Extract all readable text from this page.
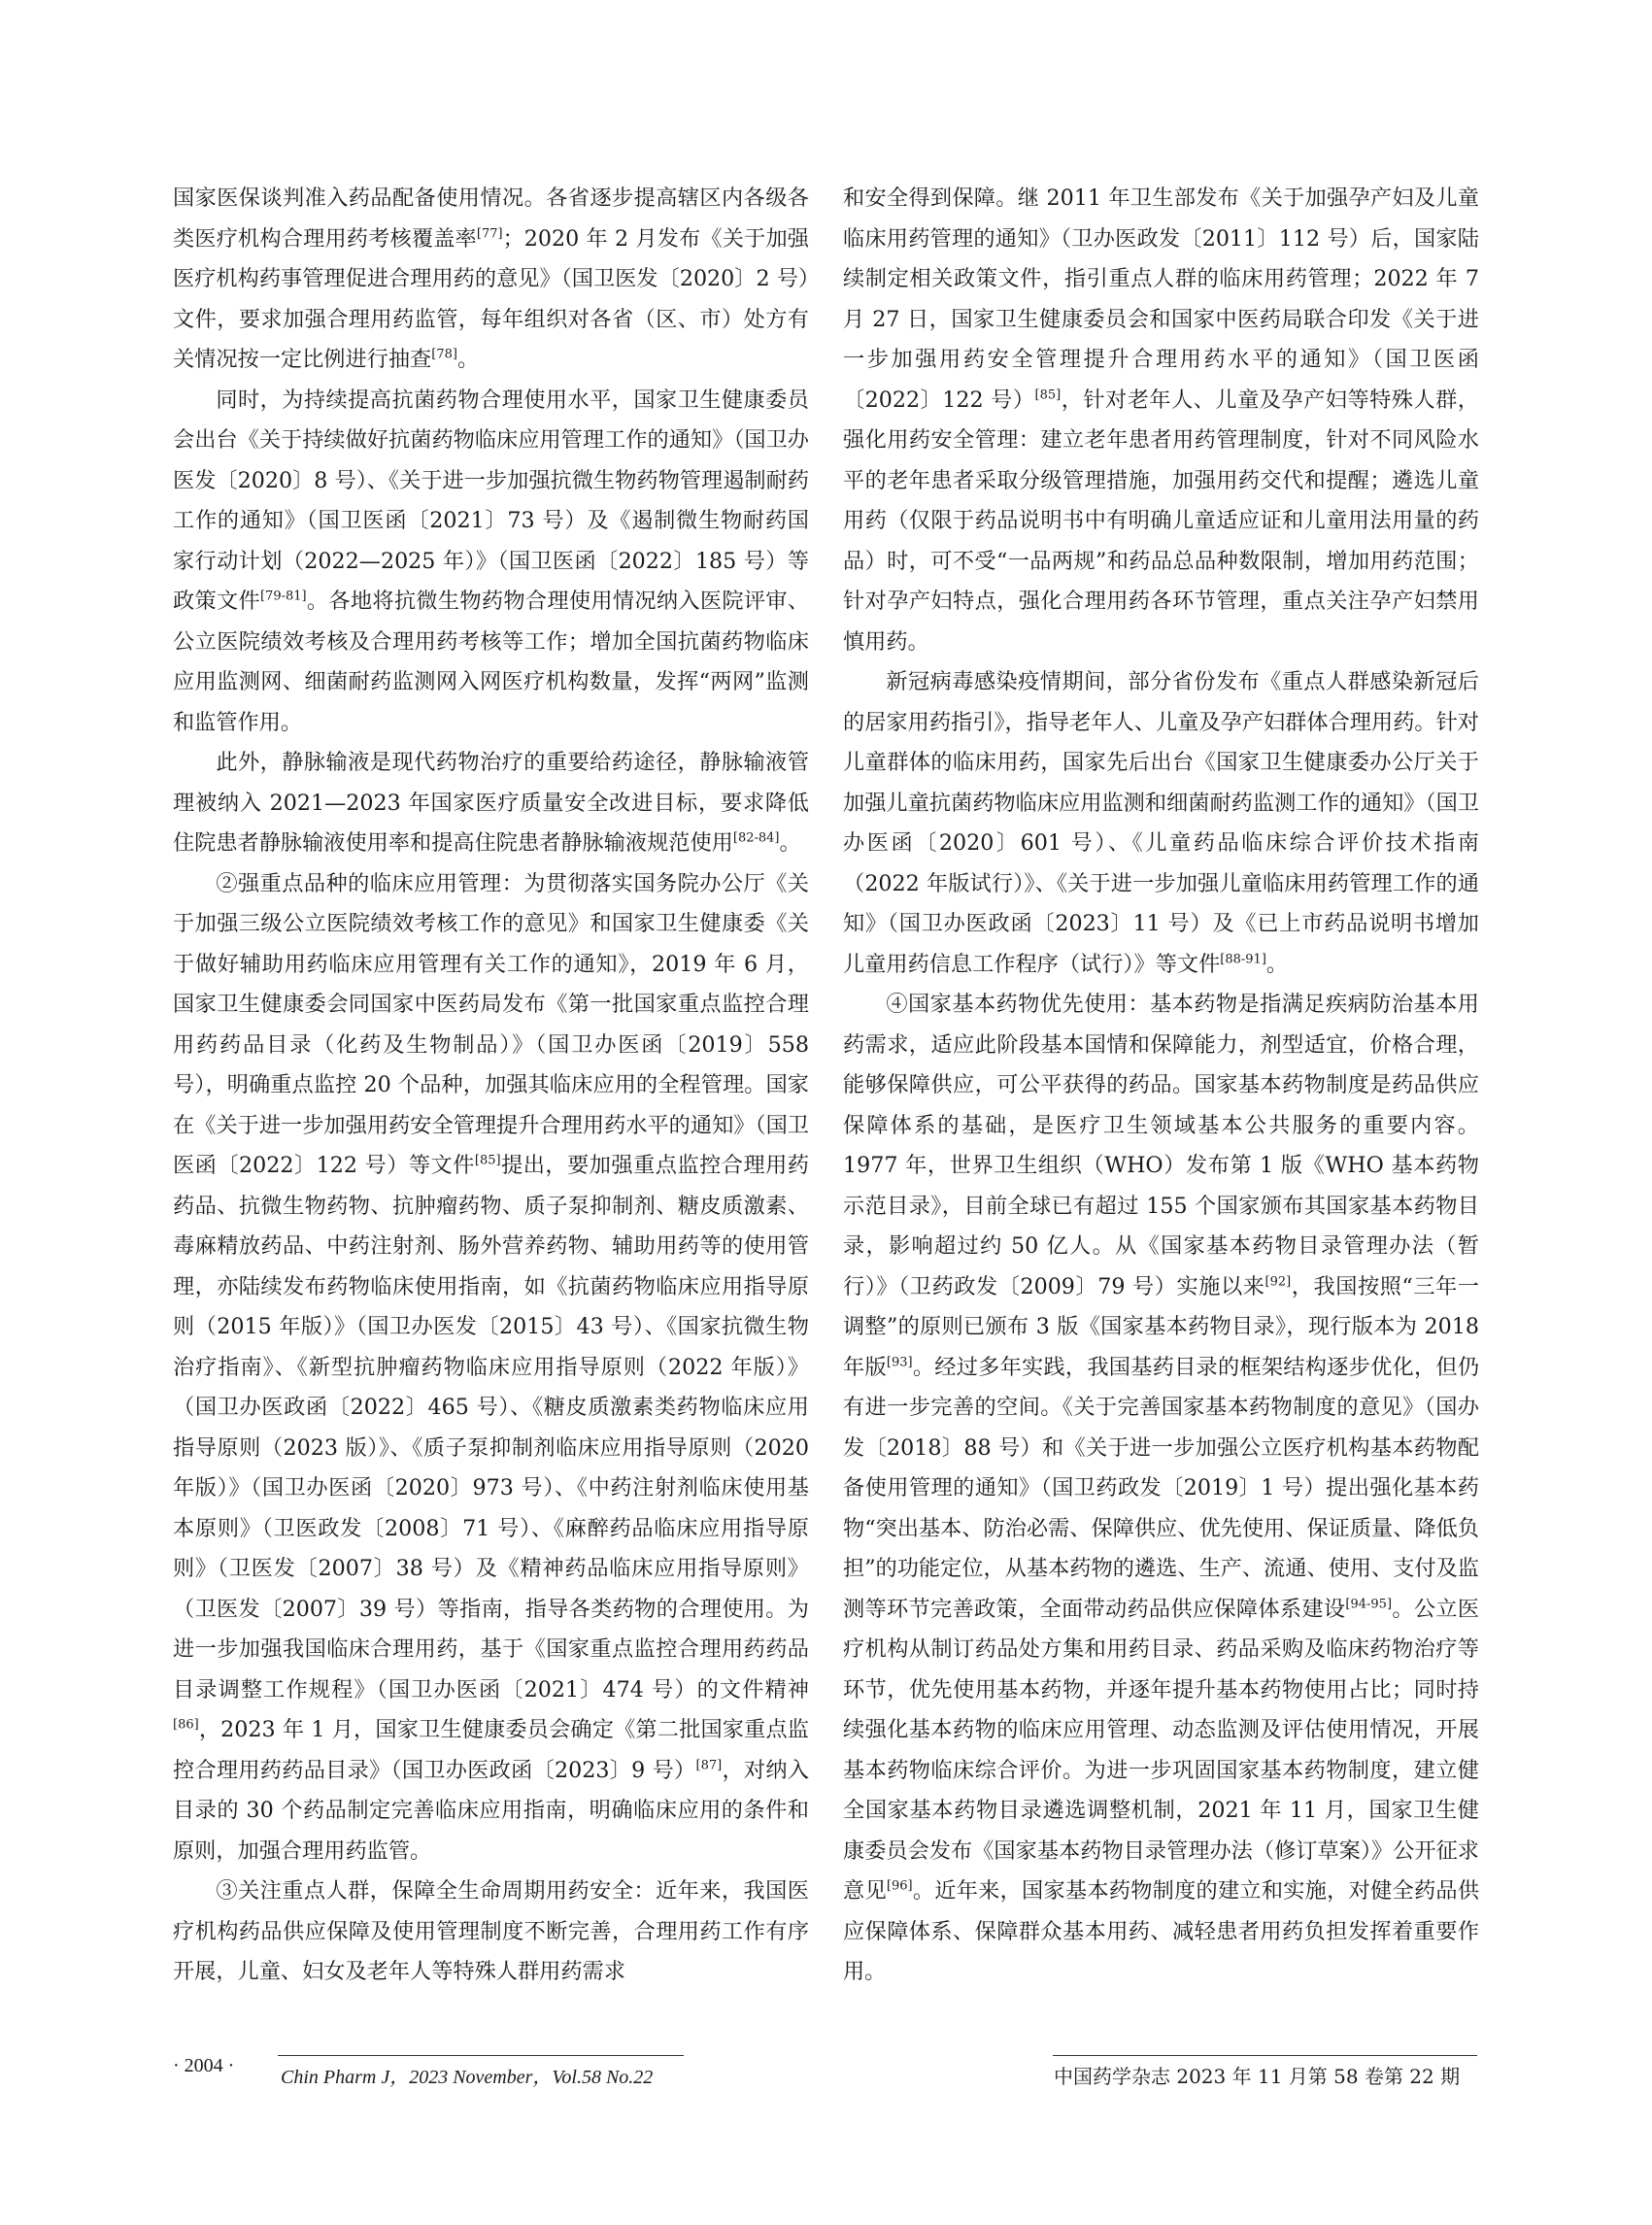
国家医保谈判准入药品配备使用情况。各省逐步提高辖区内各级各类医疗机构合理用药考核覆盖率[77]；2020 年 2 月发布《关于加强医疗机构药事管理促进合理用药的意见》（国卫医发〔2020〕2 号）文件，要求加强合理用药监管，每年组织对各省（区、市）处方有关情况按一定比例进行抽查[78]。

同时，为持续提高抗菌药物合理使用水平，国家卫生健康委员会出台《关于持续做好抗菌药物临床应用管理工作的通知》（国卫办医发〔2020〕8 号）、《关于进一步加强抗微生物药物管理遏制耐药工作的通知》（国卫医函〔2021〕73 号）及《遏制微生物耐药国家行动计划（2022—2025 年）》（国卫医函〔2022〕185 号）等政策文件[79-81]。各地将抗微生物药物合理使用情况纳入医院评审、公立医院绩效考核及合理用药考核等工作；增加全国抗菌药物临床应用监测网、细菌耐药监测网入网医疗机构数量，发挥“两网”监测和监管作用。

此外，静脉输液是现代药物治疗的重要给药途径，静脉输液管理被纳入 2021—2023 年国家医疗质量安全改进目标，要求降低住院患者静脉输液使用率和提高住院患者静脉输液规范使用[82-84]。

②强重点品种的临床应用管理：为贯彻落实国务院办公厅《关于加强三级公立医院绩效考核工作的意见》和国家卫生健康委《关于做好辅助用药临床应用管理有关工作的通知》，2019 年 6 月，国家卫生健康委会同国家中医药局发布《第一批国家重点监控合理用药药品目录（化药及生物制品）》（国卫办医函〔2019〕558 号），明确重点监控 20 个品种，加强其临床应用的全程管理。国家在《关于进一步加强用药安全管理提升合理用药水平的通知》（国卫医函〔2022〕122 号）等文件[85]提出，要加强重点监控合理用药药品、抗微生物药物、抗肿瘤药物、质子泵抑制剂、糖皮质激素、毒麻精放药品、中药注射剂、肠外营养药物、辅助用药等的使用管理，亦陆续发布药物临床使用指南，如《抗菌药物临床应用指导原则（2015 年版）》（国卫办医发〔2015〕43 号）、《国家抗微生物治疗指南》、《新型抗肿瘤药物临床应用指导原则（2022 年版）》（国卫办医政函〔2022〕465 号）、《糖皮质激素类药物临床应用指导原则（2023 版）》、《质子泵抑制剂临床应用指导原则（2020 年版）》（国卫办医函〔2020〕973 号）、《中药注射剂临床使用基本原则》（卫医政发〔2008〕71 号）、《麻醉药品临床应用指导原则》（卫医发〔2007〕38 号）及《精神药品临床应用指导原则》（卫医发〔2007〕39 号）等指南，指导各类药物的合理使用。为进一步加强我国临床合理用药，基于《国家重点监控合理用药药品目录调整工作规程》（国卫办医函〔2021〕474 号）的文件精神[86]，2023 年 1 月，国家卫生健康委员会确定《第二批国家重点监控合理用药药品目录》（国卫办医政函〔2023〕9 号）[87]，对纳入目录的 30 个药品制定完善临床应用指南，明确临床应用的条件和原则，加强合理用药监管。

③关注重点人群，保障全生命周期用药安全：近年来，我国医疗机构药品供应保障及使用管理制度不断完善，合理用药工作有序开展，儿童、妇女及老年人等特殊人群用药需求

和安全得到保障。继 2011 年卫生部发布《关于加强孕产妇及儿童临床用药管理的通知》（卫办医政发〔2011〕112 号）后，国家陆续制定相关政策文件，指引重点人群的临床用药管理；2022 年 7 月 27 日，国家卫生健康委员会和国家中医药局联合印发《关于进一步加强用药安全管理提升合理用药水平的通知》（国卫医函〔2022〕122 号）[85]，针对老年人、儿童及孕产妇等特殊人群，强化用药安全管理：建立老年患者用药管理制度，针对不同风险水平的老年患者采取分级管理措施，加强用药交代和提醒；遴选儿童用药（仅限于药品说明书中有明确儿童适应证和儿童用法用量的药品）时，可不受“一品两规”和药品总品种数限制，增加用药范围；针对孕产妇特点，强化合理用药各环节管理，重点关注孕产妇禁用慎用药。

新冠病毒感染疫情期间，部分省份发布《重点人群感染新冠后的居家用药指引》，指导老年人、儿童及孕产妇群体合理用药。针对儿童群体的临床用药，国家先后出台《国家卫生健康委办公厅关于加强儿童抗菌药物临床应用监测和细菌耐药监测工作的通知》（国卫办医函〔2020〕601 号）、《儿童药品临床综合评价技术指南（2022 年版试行）》、《关于进一步加强儿童临床用药管理工作的通知》（国卫办医政函〔2023〕11 号）及《已上市药品说明书增加儿童用药信息工作程序（试行）》等文件[88-91]。

④国家基本药物优先使用：基本药物是指满足疾病防治基本用药需求，适应此阶段基本国情和保障能力，剂型适宜，价格合理，能够保障供应，可公平获得的药品。国家基本药物制度是药品供应保障体系的基础，是医疗卫生领域基本公共服务的重要内容。1977 年，世界卫生组织（WHO）发布第 1 版《WHO 基本药物示范目录》，目前全球已有超过 155 个国家颁布其国家基本药物目录，影响超过约 50 亿人。从《国家基本药物目录管理办法（暂行）》（卫药政发〔2009〕79 号）实施以来[92]，我国按照“三年一调整”的原则已颁布 3 版《国家基本药物目录》，现行版本为 2018 年版[93]。经过多年实践，我国基药目录的框架结构逐步优化，但仍有进一步完善的空间。《关于完善国家基本药物制度的意见》（国办发〔2018〕88 号）和《关于进一步加强公立医疗机构基本药物配备使用管理的通知》（国卫药政发〔2019〕1 号）提出强化基本药物“突出基本、防治必需、保障供应、优先使用、保证质量、降低负担”的功能定位，从基本药物的遴选、生产、流通、使用、支付及监测等环节完善政策，全面带动药品供应保障体系建设[94-95]。公立医疗机构从制订药品处方集和用药目录、药品采购及临床药物治疗等环节，优先使用基本药物，并逐年提升基本药物使用占比；同时持续强化基本药物的临床应用管理、动态监测及评估使用情况，开展基本药物临床综合评价。为进一步巩固国家基本药物制度，建立健全国家基本药物目录遴选调整机制，2021 年 11 月，国家卫生健康委员会发布《国家基本药物目录管理办法（修订草案）》公开征求意见[96]。近年来，国家基本药物制度的建立和实施，对健全药品供应保障体系、保障群众基本用药、减轻患者用药负担发挥着重要作用。

· 2004 ·
Chin Pharm J，2023 November，Vol.58 No.22	中国药学杂志 2023 年 11 月第 58 卷第 22 期
